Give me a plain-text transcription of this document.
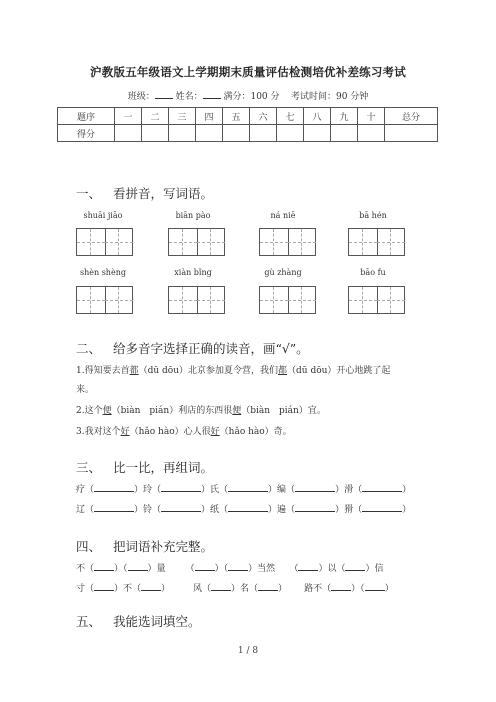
沪教版五年级语文上学期期末质量评估检测培优补差练习考试
班级： 姓名： 满分：100 分 考试时间：90 分钟
题序	一	二	三	四	五	六	七	八	九	十	总分
得分											
一、 看拼音，写词语。
shuāi jiāo	biān pào	ná niē	bā hén
shèn shèng	xiàn bǐng	gù zhàng	bāo fu
二、 给多音字选择正确的读音，画“√”。
1.得知要去首都（dū dōu）北京参加夏令营，我们都（dū dōu）开心地跳了起
来。
2.这个便（biàn　pián）利店的东西很便（biàn　pián）宜。
3.我对这个好（hǎo hào）心人很好（hǎo hào）奇。
三、 比一比，再组词。
疗（	）玲（	）氏（	）编（	）滑（	）
辽（	）铃（	）纸（	）遍（	）猾（	）
四、 把词语补充完整。
不（ ）（ ）量 （ ）（ ）当然 （ ）以（ ）信
寸（ ）不（ ）	风（ ）名（ ） 路不（ ）（ ）
五、 我能选词填空。
1 / 8
